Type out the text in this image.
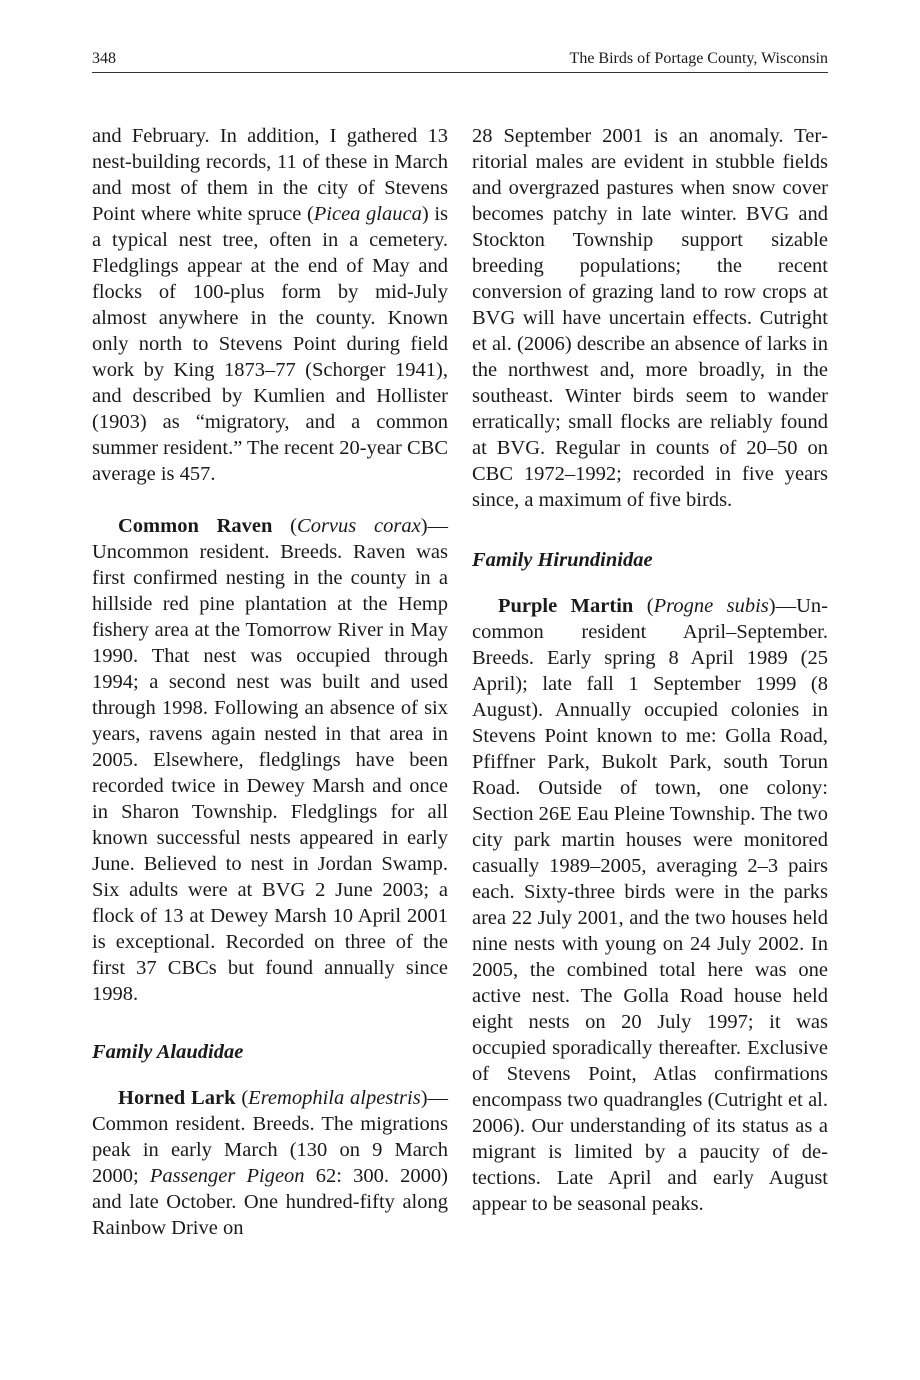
348	The Birds of Portage County, Wisconsin

and February. In addition, I gathered 13 nest-building records, 11 of these in March and most of them in the city of Stevens Point where white spruce (Picea glauca) is a typical nest tree, often in a cemetery. Fledglings appear at the end of May and flocks of 100-plus form by mid-July almost anywhere in the county. Known only north to Stevens Point during field work by King 1873–77 (Schorger 1941), and described by Kumlien and Hollister (1903) as “migratory, and a common summer resident.” The recent 20-year CBC average is 457.

Common Raven (Corvus corax)—Uncommon resident. Breeds. Raven was first confirmed nesting in the county in a hillside red pine plantation at the Hemp fishery area at the Tomorrow River in May 1990. That nest was occupied through 1994; a second nest was built and used through 1998. Following an absence of six years, ravens again nested in that area in 2005. Elsewhere, fledglings have been recorded twice in Dewey Marsh and once in Sharon Township. Fledglings for all known successful nests appeared in early June. Believed to nest in Jordan Swamp. Six adults were at BVG 2 June 2003; a flock of 13 at Dewey Marsh 10 April 2001 is exceptional. Recorded on three of the first 37 CBCs but found annually since 1998.

Family Alaudidae

Horned Lark (Eremophila alpestris)—Common resident. Breeds. The migrations peak in early March (130 on 9 March 2000; Passenger Pigeon 62: 300. 2000) and late October. One hundred-fifty along Rainbow Drive on

28 September 2001 is an anomaly. Territorial males are evident in stubble fields and overgrazed pastures when snow cover becomes patchy in late winter. BVG and Stockton Township support sizable breeding populations; the recent conversion of grazing land to row crops at BVG will have uncertain effects. Cutright et al. (2006) describe an absence of larks in the northwest and, more broadly, in the southeast. Winter birds seem to wander erratically; small flocks are reliably found at BVG. Regular in counts of 20–50 on CBC 1972–1992; recorded in five years since, a maximum of five birds.

Family Hirundinidae

Purple Martin (Progne subis)—Uncommon resident April–September. Breeds. Early spring 8 April 1989 (25 April); late fall 1 September 1999 (8 August). Annually occupied colonies in Stevens Point known to me: Golla Road, Pfiffner Park, Bukolt Park, south Torun Road. Outside of town, one colony: Section 26E Eau Pleine Township. The two city park martin houses were monitored casually 1989–2005, averaging 2–3 pairs each. Sixty-three birds were in the parks area 22 July 2001, and the two houses held nine nests with young on 24 July 2002. In 2005, the combined total here was one active nest. The Golla Road house held eight nests on 20 July 1997; it was occupied sporadically thereafter. Exclusive of Stevens Point, Atlas confirmations encompass two quadrangles (Cutright et al. 2006). Our understanding of its status as a migrant is limited by a paucity of detections. Late April and early August appear to be seasonal peaks.
